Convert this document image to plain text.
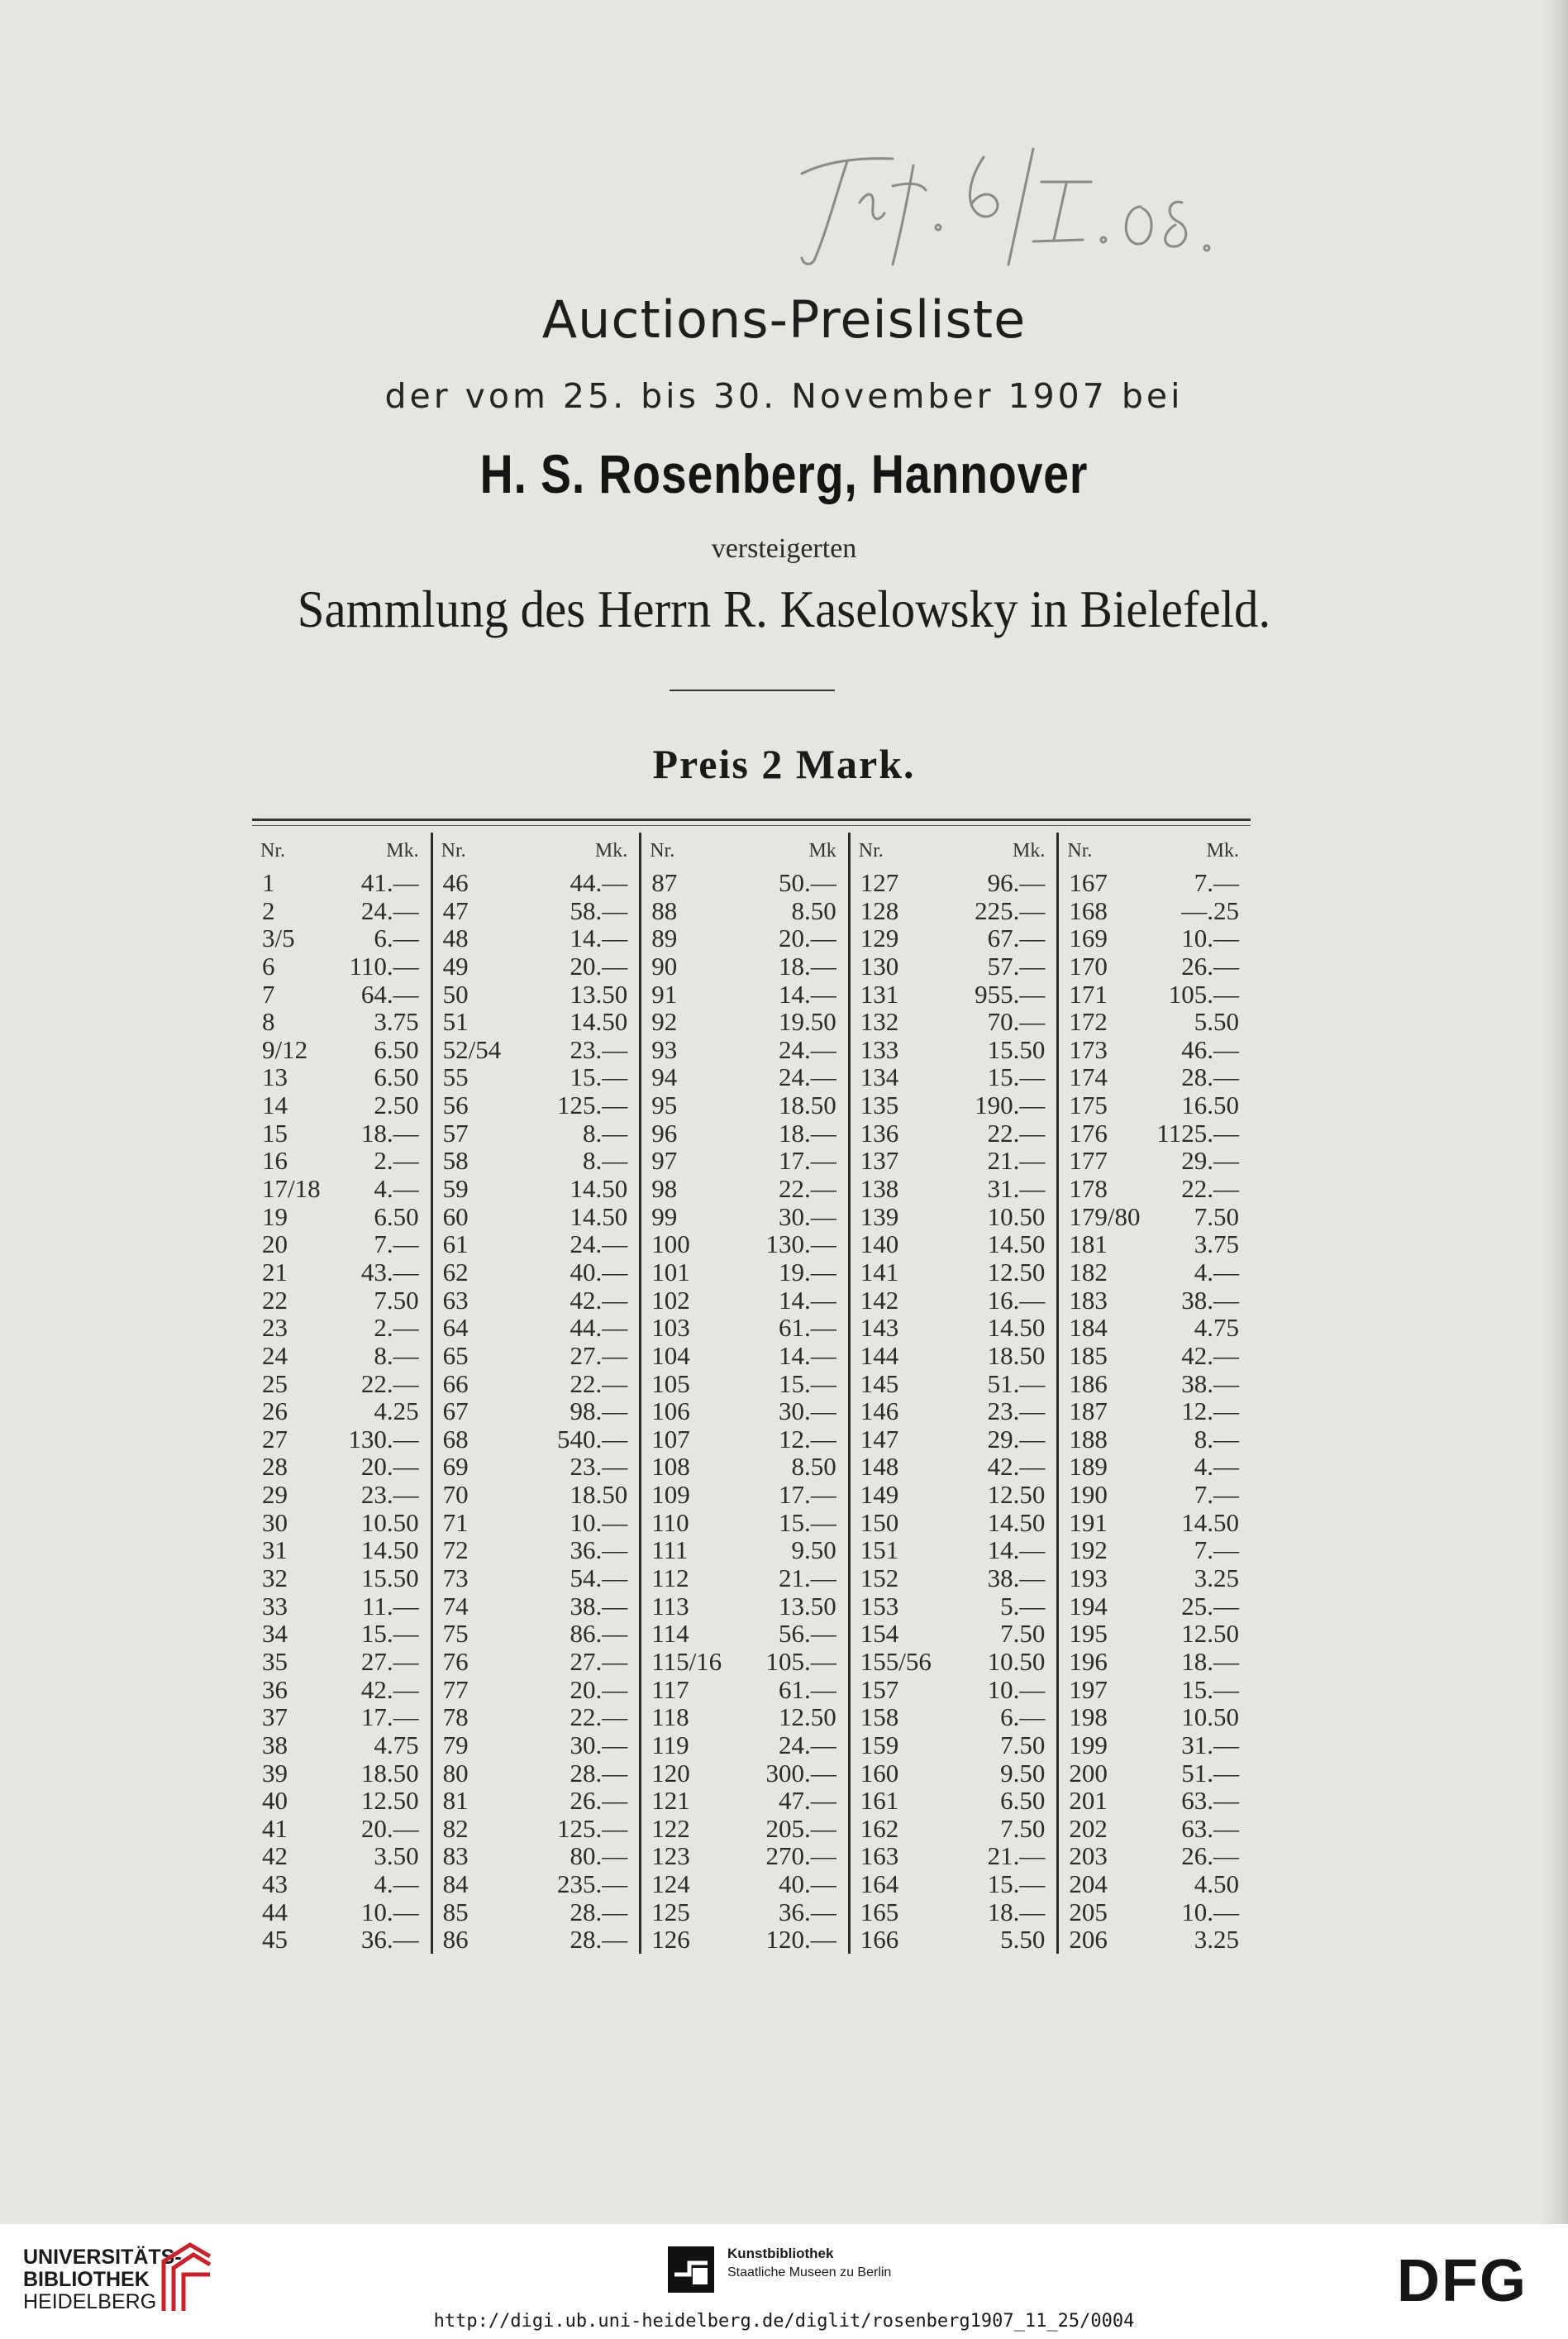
Auctions-Preisliste
der vom 25. bis 30. November 1907 bei
H. S. Rosenberg, Hannover
versteigerten
Sammlung des Herrn R. Kaselowsky in Bielefeld.
Preis 2 Mark.
Nr.	Mk.
1	41.—
2	24.—
3/5	6.—
6	110.—
7	64.—
8	3.75
9/12	6.50
13	6.50
14	2.50
15	18.—
16	2.—
17/18	4.—
19	6.50
20	7.—
21	43.—
22	7.50
23	2.—
24	8.—
25	22.—
26	4.25
27	130.—
28	20.—
29	23.—
30	10.50
31	14.50
32	15.50
33	11.—
34	15.—
35	27.—
36	42.—
37	17.—
38	4.75
39	18.50
40	12.50
41	20.—
42	3.50
43	4.—
44	10.—
45	36.—
Nr.	Mk.
46	44.—
47	58.—
48	14.—
49	20.—
50	13.50
51	14.50
52/54	23.—
55	15.—
56	125.—
57	8.—
58	8.—
59	14.50
60	14.50
61	24.—
62	40.—
63	42.—
64	44.—
65	27.—
66	22.—
67	98.—
68	540.—
69	23.—
70	18.50
71	10.—
72	36.—
73	54.—
74	38.—
75	86.—
76	27.—
77	20.—
78	22.—
79	30.—
80	28.—
81	26.—
82	125.—
83	80.—
84	235.—
85	28.—
86	28.—
Nr.	Mk
87	50.—
88	8.50
89	20.—
90	18.—
91	14.—
92	19.50
93	24.—
94	24.—
95	18.50
96	18.—
97	17.—
98	22.—
99	30.—
100	130.—
101	19.—
102	14.—
103	61.—
104	14.—
105	15.—
106	30.—
107	12.—
108	8.50
109	17.—
110	15.—
111	9.50
112	21.—
113	13.50
114	56.—
115/16	105.—
117	61.—
118	12.50
119	24.—
120	300.—
121	47.—
122	205.—
123	270.—
124	40.—
125	36.—
126	120.—
Nr.	Mk.
127	96.—
128	225.—
129	67.—
130	57.—
131	955.—
132	70.—
133	15.50
134	15.—
135	190.—
136	22.—
137	21.—
138	31.—
139	10.50
140	14.50
141	12.50
142	16.—
143	14.50
144	18.50
145	51.—
146	23.—
147	29.—
148	42.—
149	12.50
150	14.50
151	14.—
152	38.—
153	5.—
154	7.50
155/56	10.50
157	10.—
158	6.—
159	7.50
160	9.50
161	6.50
162	7.50
163	21.—
164	15.—
165	18.—
166	5.50
Nr.	Mk.
167	7.—
168	—.25
169	10.—
170	26.—
171	105.—
172	5.50
173	46.—
174	28.—
175	16.50
176	1125.—
177	29.—
178	22.—
179/80	7.50
181	3.75
182	4.—
183	38.—
184	4.75
185	42.—
186	38.—
187	12.—
188	8.—
189	4.—
190	7.—
191	14.50
192	7.—
193	3.25
194	25.—
195	12.50
196	18.—
197	15.—
198	10.50
199	31.—
200	51.—
201	63.—
202	63.—
203	26.—
204	4.50
205	10.—
206	3.25
UNIVERSITÄTS-
BIBLIOTHEK
HEIDELBERG
Kunstbibliothek
Staatliche Museen zu Berlin	DFG
http://digi.ub.uni-heidelberg.de/diglit/rosenberg1907_11_25/0004
